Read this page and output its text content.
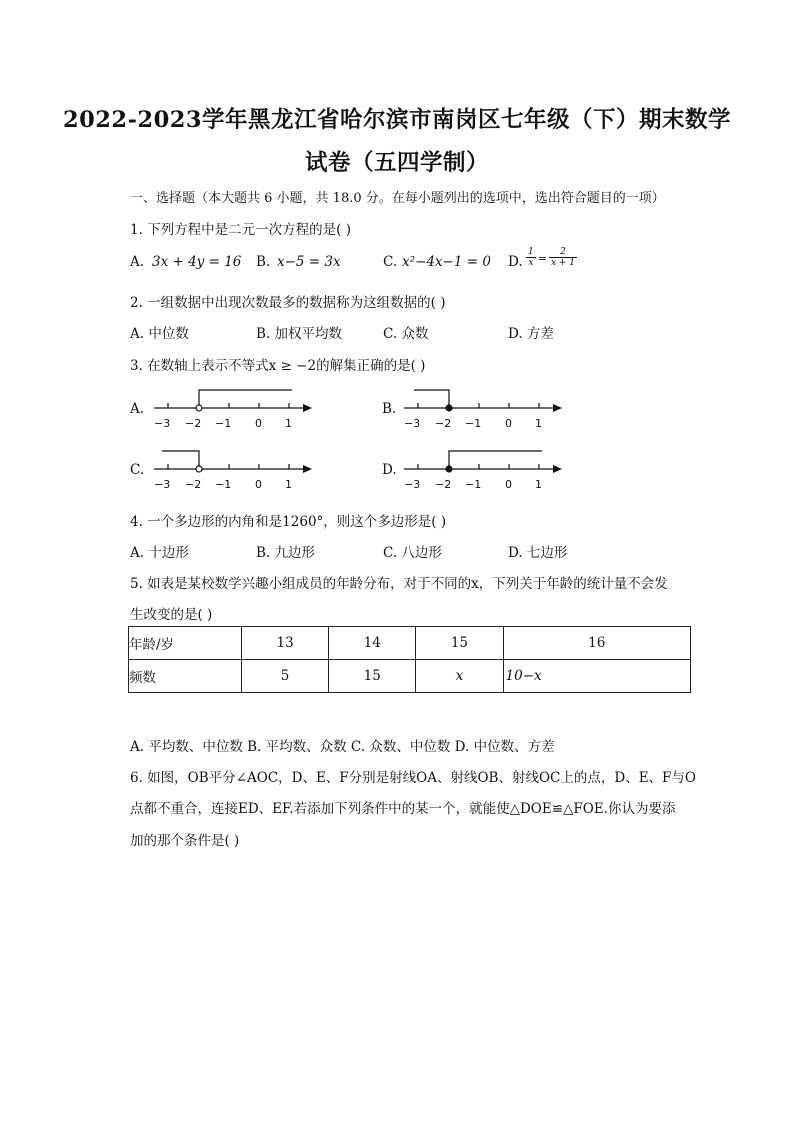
2022-2023学年黑龙江省哈尔滨市南岗区七年级（下）期末数学
试卷（五四学制）
一、选择题（本大题共 6 小题，共 18.0 分。在每小题列出的选项中，选出符合题目的一项）
1. 下列方程中是二元一次方程的是( )
A. 3x + 4y = 16 B. x−5 = 3x	C. x²−4x−1 = 0 D. $\frac{1}{x} = \frac{2}{x + 1}$
2. 一组数据中出现次数最多的数据称为这组数据的( )
A. 中位数	B. 加权平均数	C. 众数	D. 方差
3. 在数轴上表示不等式x ≥ −2的解集正确的是( )
A.
−3 −2 −1 0 1
B.
−3 −2 −1 0 1
C.
−3 −2 −1 0 1
D.
−3 −2 −1 0 1
4. 一个多边形的内角和是1260°，则这个多边形是( )
A. 十边形	B. 九边形	C. 八边形	D. 七边形
5. 如表是某校数学兴趣小组成员的年龄分布，对于不同的x，下列关于年龄的统计量不会发
生改变的是( )
年龄/岁	13	14	15	16
频数	5	15	x	10−x
A. 平均数、中位数 B. 平均数、众数 C. 众数、中位数 D. 中位数、方差
6. 如图，OB平分∠AOC，D、E、F分别是射线OA、射线OB、射线OC上的点，D、E、F与O
点都不重合，连接ED、EF.若添加下列条件中的某一个，就能使△DOE≌△FOE.你认为要添
加的那个条件是( )
